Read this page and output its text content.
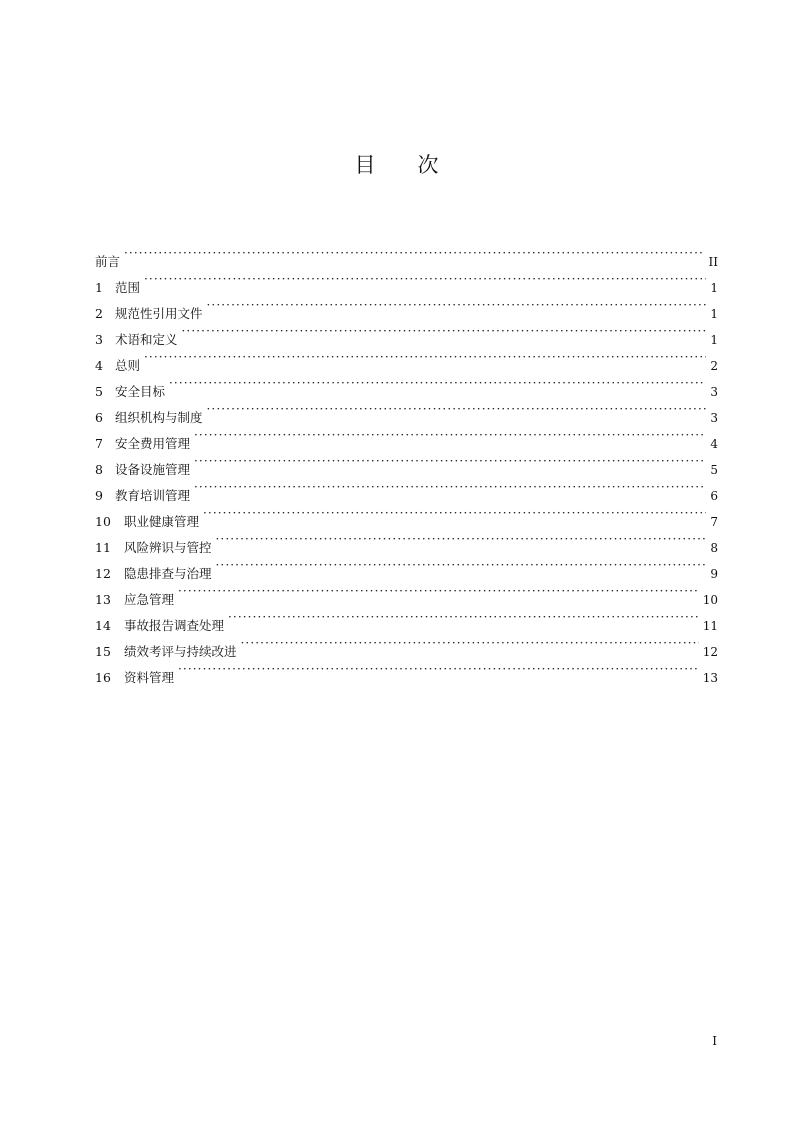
目 次
前言 ·····	II
1 范围 ·····	1
2 规范性引用文件 ·····	1
3 术语和定义 ·····	1
4 总则 ·····	2
5 安全目标 ·····	3
6 组织机构与制度 ·····	3
7 安全费用管理 ·····	4
8 设备设施管理 ·····	5
9 教育培训管理 ·····	6
10	职业健康管理 ·····	7
11	风险辨识与管控 ·····	8
12	隐患排查与治理 ·····	9
13	应急管理 ·····	10
14	事故报告调查处理 ·····	11
15	绩效考评与持续改进 ·····	12
16	资料管理 ·····	13
I
